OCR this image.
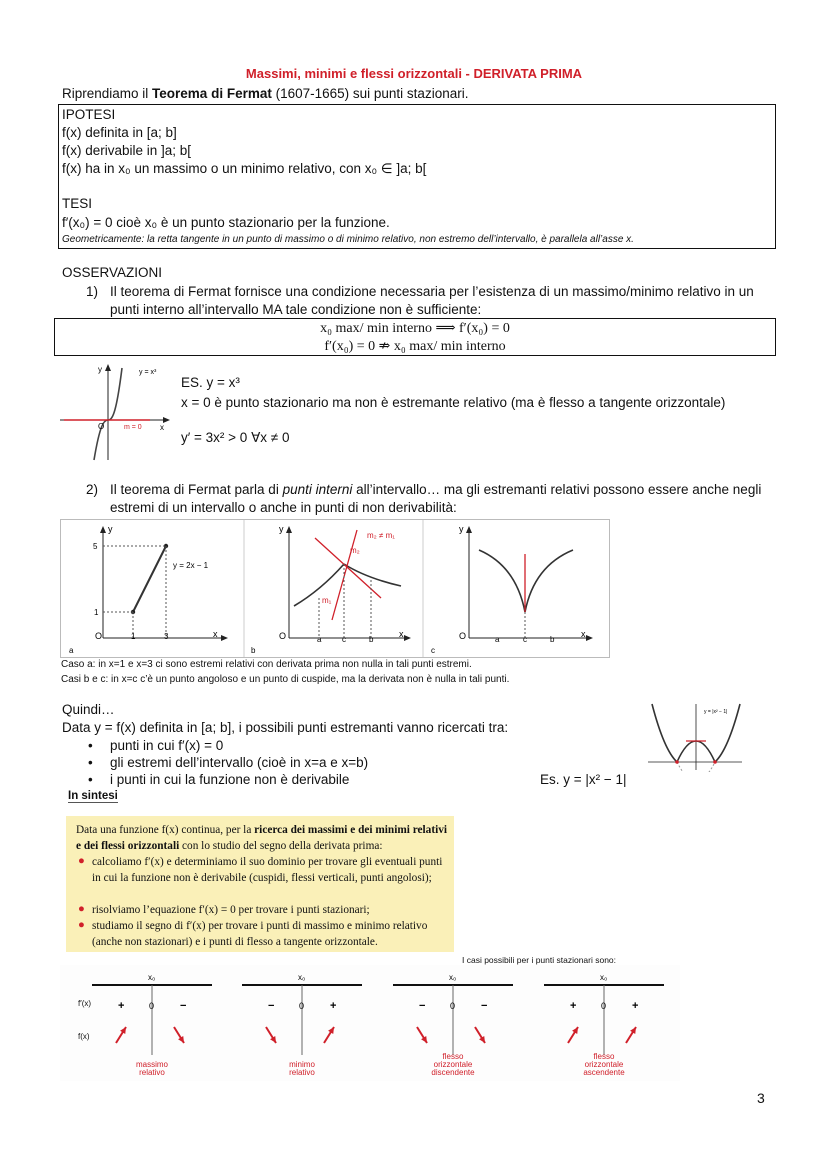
Massimi, minimi e flessi orizzontali - DERIVATA PRIMA
Riprendiamo il Teorema di Fermat (1607-1665) sui punti stazionari.
IPOTESI
f(x) definita in [a; b]
f(x) derivabile in ]a; b[
f(x) ha in x₀ un massimo o un minimo relativo, con x₀ ∈ ]a; b[
TESI
f′(x₀) = 0 cioè x₀ è un punto stazionario per la funzione.
Geometricamente: la retta tangente in un punto di massimo o di minimo relativo, non estremo dell’intervallo, è parallela all’asse x.
OSSERVAZIONI
1) Il teorema di Fermat fornisce una condizione necessaria per l’esistenza di un massimo/minimo relativo in un
punti interno all’intervallo MA tale condizione non è sufficiente:
x₀ max/ min interno ⟹ f′(x₀) = 0
f′(x₀) = 0 ⇏ x₀ max/ min interno
y
x
O
y = x³
m = 0
ES. y = x³
x = 0 è punto stazionario ma non è estremante relativo (ma è flesso a tangente orizzontale)
y′ = 3x² > 0 ∀x ≠ 0
2) Il teorema di Fermat parla di punti interni all’intervallo… ma gli estremanti relativi possono essere anche negli
estremi di un intervallo o anche in punti di non derivabilità:
y
x
O
5
1
1	3
y = 2x − 1
a
y
x
O	a	c	b
m₁
m₂
m₂ ≠ m₁
b
y
x
O	a	c	b
c
Caso a: in x=1 e x=3 ci sono estremi relativi con derivata prima non nulla in tali punti estremi.
Casi b e c: in x=c c’è un punto angoloso e un punto di cuspide, ma la derivata non è nulla in tali punti.
Quindi…
Data y = f(x) definita in [a; b], i possibili punti estremanti vanno ricercati tra:
• punti in cui f′(x) = 0
• gli estremi dell’intervallo (cioè in x=a e x=b)
• i punti in cui la funzione non è derivabile	Es. y = |x² − 1|
y = |x² − 1|
In sintesi
Data una funzione f(x) continua, per la ricerca dei massimi e dei minimi relativi e dei flessi orizzontali con lo studio del segno della derivata prima:
● calcoliamo f′(x) e determiniamo il suo dominio per trovare gli eventuali punti in cui la funzione non è derivabile (cuspidi, flessi verticali, punti angolosi);
● risolviamo l’equazione f′(x) = 0 per trovare i punti stazionari;
● studiamo il segno di f′(x) per trovare i punti di massimo e minimo relativo (anche non stazionari) e i punti di flesso a tangente orizzontale.
I casi possibili per i punti stazionari sono:
f′(x)
f(x)
x₀
0
+	−
massimo
relativo
x₀
0
−	+
minimo
relativo
x₀
0
−	−
flesso
orizzontale
discendente
x₀
0
+	+
flesso
orizzontale
ascendente
3
